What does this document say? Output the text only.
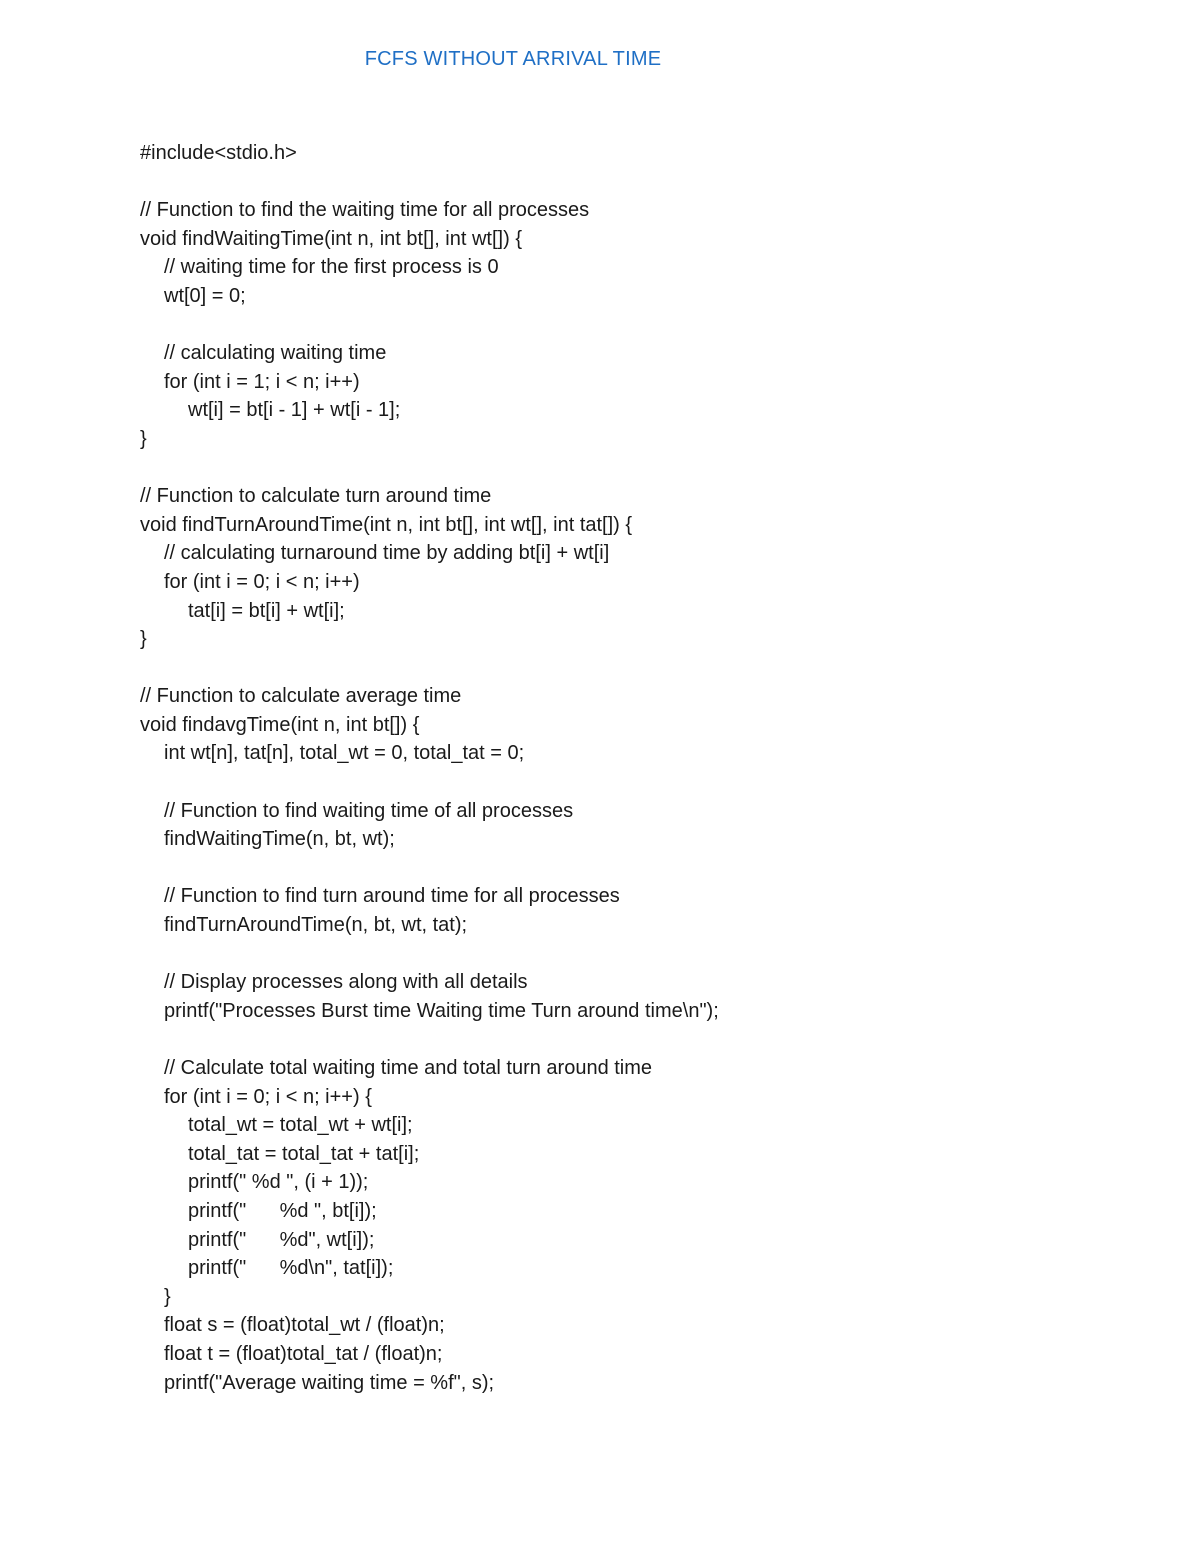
FCFS WITHOUT ARRIVAL TIME
#include<stdio.h>
// Function to find the waiting time for all processes
void findWaitingTime(int n, int bt[], int wt[]) {
// waiting time for the first process is 0
wt[0] = 0;
// calculating waiting time
for (int i = 1; i < n; i++)
wt[i] = bt[i - 1] + wt[i - 1];
}
// Function to calculate turn around time
void findTurnAroundTime(int n, int bt[], int wt[], int tat[]) {
// calculating turnaround time by adding bt[i] + wt[i]
for (int i = 0; i < n; i++)
tat[i] = bt[i] + wt[i];
}
// Function to calculate average time
void findavgTime(int n, int bt[]) {
int wt[n], tat[n], total_wt = 0, total_tat = 0;
// Function to find waiting time of all processes
findWaitingTime(n, bt, wt);
// Function to find turn around time for all processes
findTurnAroundTime(n, bt, wt, tat);
// Display processes along with all details
printf("Processes Burst time Waiting time Turn around time\n");
// Calculate total waiting time and total turn around time
for (int i = 0; i < n; i++) {
total_wt = total_wt + wt[i];
total_tat = total_tat + tat[i];
printf(" %d ", (i + 1));
printf("      %d ", bt[i]);
printf("      %d", wt[i]);
printf("      %d\n", tat[i]);
}
float s = (float)total_wt / (float)n;
float t = (float)total_tat / (float)n;
printf("Average waiting time = %f", s);
